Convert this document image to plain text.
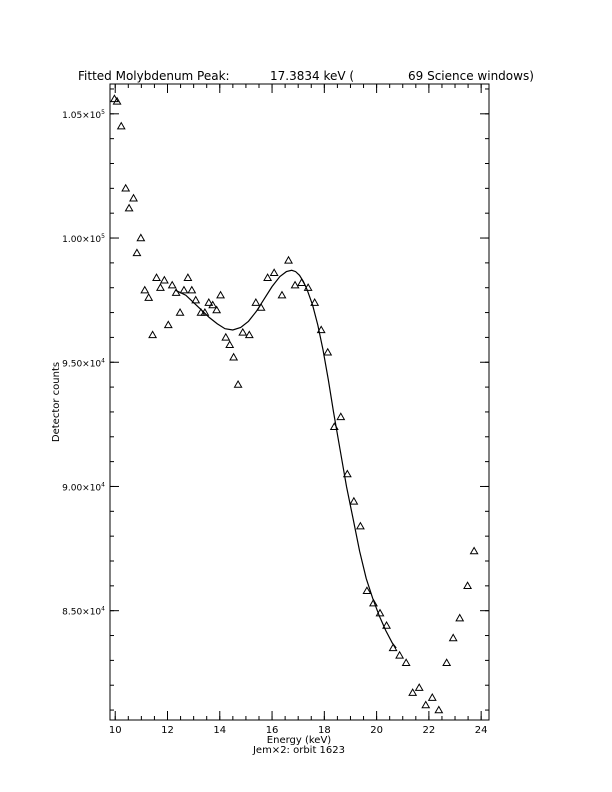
Fitted Molybdenum Peak:	17.3834 keV (	69 Science windows)
10	12	14	16	18	20	22	24
$8.50\times 10^4$
$9.00\times 10^4$
$9.50\times 10^4$
$1.00\times 10^5$
$1.05\times 10^5$
Energy (keV)
Jem×2: orbit 1623
Detector counts
